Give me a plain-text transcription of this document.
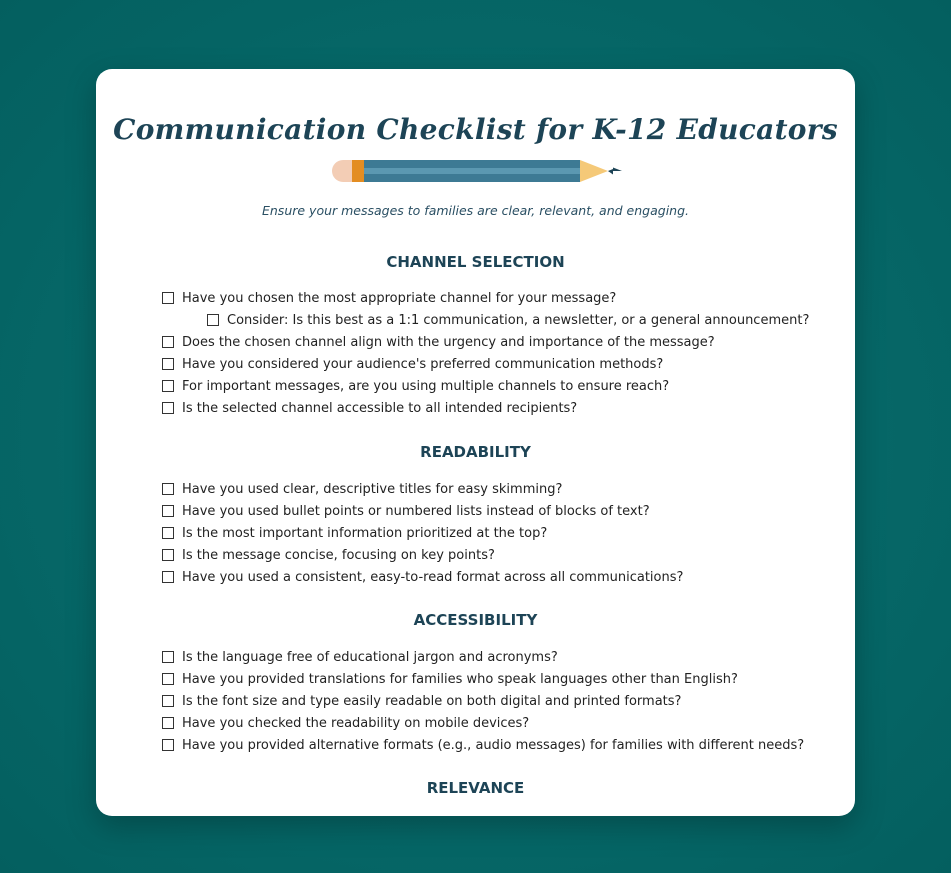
Communication Checklist for K-12 Educators
Ensure your messages to families are clear, relevant, and engaging.
CHANNEL SELECTION
Have you chosen the most appropriate channel for your message?
Consider: Is this best as a 1:1 communication, a newsletter, or a general announcement?
Does the chosen channel align with the urgency and importance of the message?
Have you considered your audience's preferred communication methods?
For important messages, are you using multiple channels to ensure reach?
Is the selected channel accessible to all intended recipients?
READABILITY
Have you used clear, descriptive titles for easy skimming?
Have you used bullet points or numbered lists instead of blocks of text?
Is the most important information prioritized at the top?
Is the message concise, focusing on key points?
Have you used a consistent, easy-to-read format across all communications?
ACCESSIBILITY
Is the language free of educational jargon and acronyms?
Have you provided translations for families who speak languages other than English?
Is the font size and type easily readable on both digital and printed formats?
Have you checked the readability on mobile devices?
Have you provided alternative formats (e.g., audio messages) for families with different needs?
RELEVANCE
